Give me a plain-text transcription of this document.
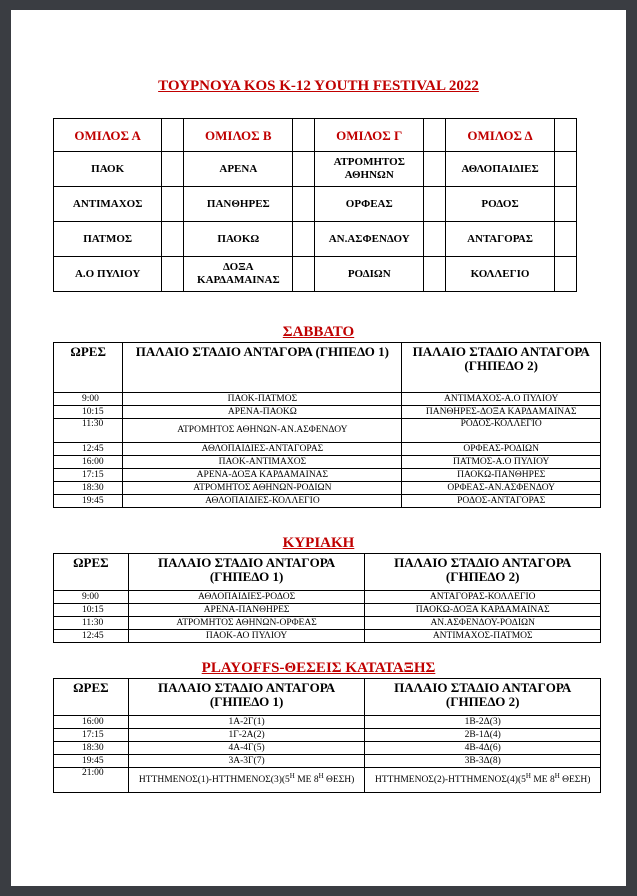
ΤΟΥΡΝΟΥΑ KOS K-12 YOUTH FESTIVAL 2022
ΟΜΙΛΟΣ Α		ΟΜΙΛΟΣ Β		ΟΜΙΛΟΣ Γ		ΟΜΙΛΟΣ Δ	
ΠΑΟΚ		ΑΡΕΝΑ		ΑΤΡΟΜΗΤΟΣ ΑΘΗΝΩΝ		ΑΘΛΟΠΑΙΔΙΕΣ	
ΑΝΤΙΜΑΧΟΣ		ΠΑΝΘΗΡΕΣ		ΟΡΦΕΑΣ		ΡΟΔΟΣ	
ΠΑΤΜΟΣ		ΠΑΟΚΩ		ΑΝ.ΑΣΦΕΝΔΟΥ		ΑΝΤΑΓΟΡΑΣ	
Α.Ο ΠΥΛΙΟΥ		ΔΟΞΑ ΚΑΡΔΑΜΑΙΝΑΣ		ΡΟΔΙΩΝ		ΚΟΛΛΕΓΙΟ	
ΣΑΒΒΑΤΟ
ΩΡΕΣ	ΠΑΛΑΙΟ ΣΤΑΔΙΟ ΑΝΤΑΓΟΡΑ (ΓΗΠΕΔΟ 1)	ΠΑΛΑΙΟ ΣΤΑΔΙΟ ΑΝΤΑΓΟΡΑ (ΓΗΠΕΔΟ 2)
9:00	ΠΑΟΚ-ΠΑΤΜΟΣ	ΑΝΤΙΜΑΧΟΣ-Α.Ο ΠΥΛΙΟΥ
10:15	ΑΡΕΝΑ-ΠΑΟΚΩ	ΠΑΝΘΗΡΕΣ-ΔΟΞΑ ΚΑΡΔΑΜΑΙΝΑΣ
11:30	ΑΤΡΟΜΗΤΟΣ ΑΘΗΝΩΝ-ΑΝ.ΑΣΦΕΝΔΟΥ	ΡΟΔΟΣ-ΚΟΛΛΕΓΙΟ
12:45	ΑΘΛΟΠΑΙΔΙΕΣ-ΑΝΤΑΓΟΡΑΣ	ΟΡΦΕΑΣ-ΡΟΔΙΩΝ
16:00	ΠΑΟΚ-ΑΝΤΙΜΑΧΟΣ	ΠΑΤΜΟΣ-Α.Ο ΠΥΛΙΟΥ
17:15	ΑΡΕΝΑ-ΔΟΞΑ ΚΑΡΔΑΜΑΙΝΑΣ	ΠΑΟΚΩ-ΠΑΝΘΗΡΕΣ
18:30	ΑΤΡΟΜΗΤΟΣ ΑΘΗΝΩΝ-ΡΟΔΙΩΝ	ΟΡΦΕΑΣ-ΑΝ.ΑΣΦΕΝΔΟΥ
19:45	ΑΘΛΟΠΑΙΔΙΕΣ-ΚΟΛΛΕΓΙΟ	ΡΟΔΟΣ-ΑΝΤΑΓΟΡΑΣ
ΚΥΡΙΑΚΗ
ΩΡΕΣ	ΠΑΛΑΙΟ ΣΤΑΔΙΟ ΑΝΤΑΓΟΡΑ (ΓΗΠΕΔΟ 1)	ΠΑΛΑΙΟ ΣΤΑΔΙΟ ΑΝΤΑΓΟΡΑ (ΓΗΠΕΔΟ 2)
9:00	ΑΘΛΟΠΑΙΔΙΕΣ-ΡΟΔΟΣ	ΑΝΤΑΓΟΡΑΣ-ΚΟΛΛΕΓΙΟ
10:15	ΑΡΕΝΑ-ΠΑΝΘΗΡΕΣ	ΠΑΟΚΩ-ΔΟΞΑ ΚΑΡΔΑΜΑΙΝΑΣ
11:30	ΑΤΡΟΜΗΤΟΣ ΑΘΗΝΩΝ-ΟΡΦΕΑΣ	ΑΝ.ΑΣΦΕΝΔΟΥ-ΡΟΔΙΩΝ
12:45	ΠΑΟΚ-ΑΟ ΠΥΛΙΟΥ	ΑΝΤΙΜΑΧΟΣ-ΠΑΤΜΟΣ
PLAYOFFS-ΘΕΣΕΙΣ ΚΑΤΑΤΑΞΗΣ
ΩΡΕΣ	ΠΑΛΑΙΟ ΣΤΑΔΙΟ ΑΝΤΑΓΟΡΑ (ΓΗΠΕΔΟ 1)	ΠΑΛΑΙΟ ΣΤΑΔΙΟ ΑΝΤΑΓΟΡΑ (ΓΗΠΕΔΟ 2)
16:00	1Α-2Γ(1)	1Β-2Δ(3)
17:15	1Γ-2Α(2)	2Β-1Δ(4)
18:30	4Α-4Γ(5)	4Β-4Δ(6)
19:45	3Α-3Γ(7)	3Β-3Δ(8)
21:00	$HTTHMENO\Sigma(1)-HTTHMENO\Sigma(3)(5^H$ ΜΕ $8^H$ ΘΕΣΗ)	$HTTHMENO\Sigma(2)-HTTHMENO\Sigma(4)(5^H$ ΜΕ $8^H$ ΘΕΣΗ)
